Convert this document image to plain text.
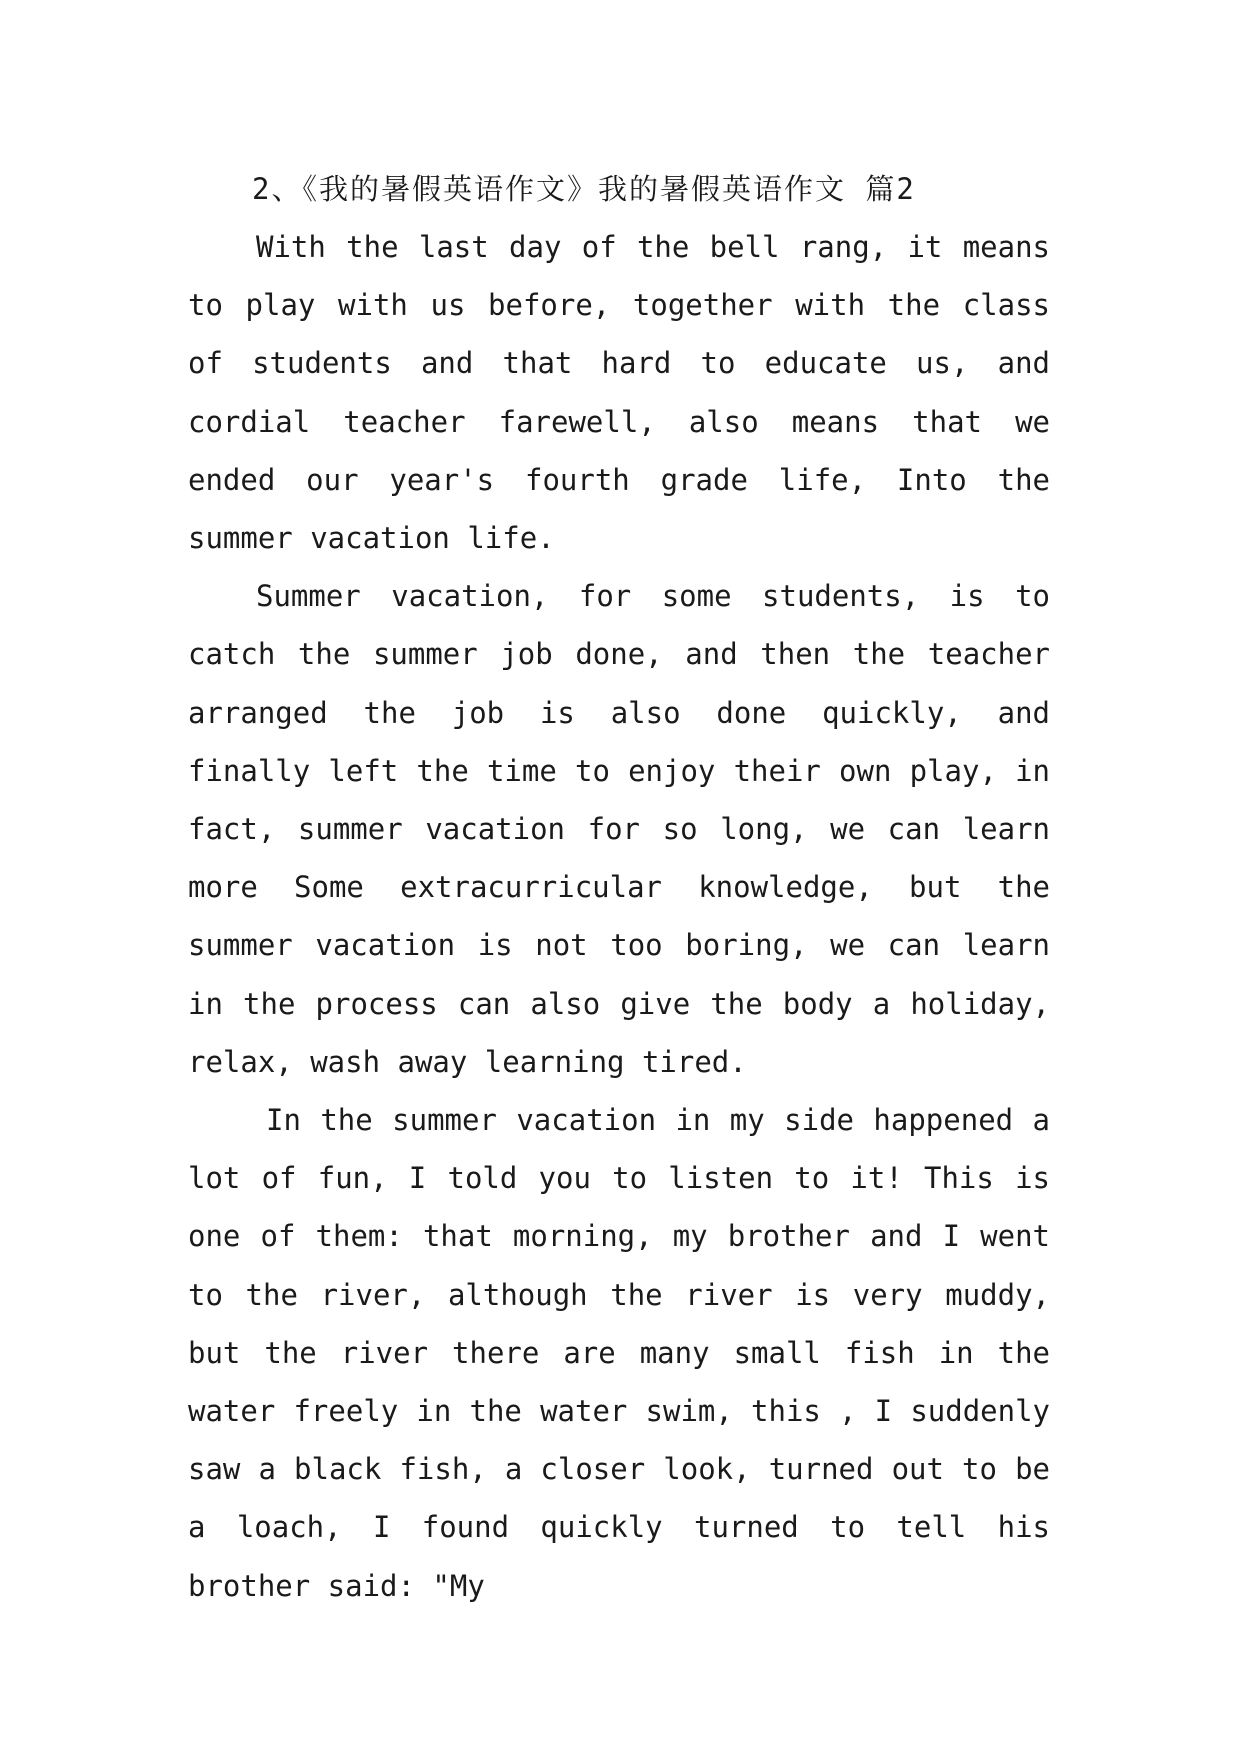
2、《我的暑假英语作文》我的暑假英语作文 篇2

With the last day of the bell rang, it means to play with us before, together with the class of students and that hard to educate us, and cordial teacher farewell, also means that we ended our year's fourth grade life, Into the summer vacation life.

Summer vacation, for some students, is to catch the summer job done, and then the teacher arranged the job is also done quickly, and finally left the time to enjoy their own play, in fact, summer vacation for so long, we can learn more Some extracurricular knowledge, but the summer vacation is not too boring, we can learn in the process can also give the body a holiday, relax, wash away learning tired.

In the summer vacation in my side happened a lot of fun, I told you to listen to it! This is one of them: that morning, my brother and I went to the river, although the river is very muddy, but the river there are many small fish in the water freely in the water swim, this , I suddenly saw a black fish, a closer look, turned out to be a loach, I found quickly turned to tell his brother said: "My
